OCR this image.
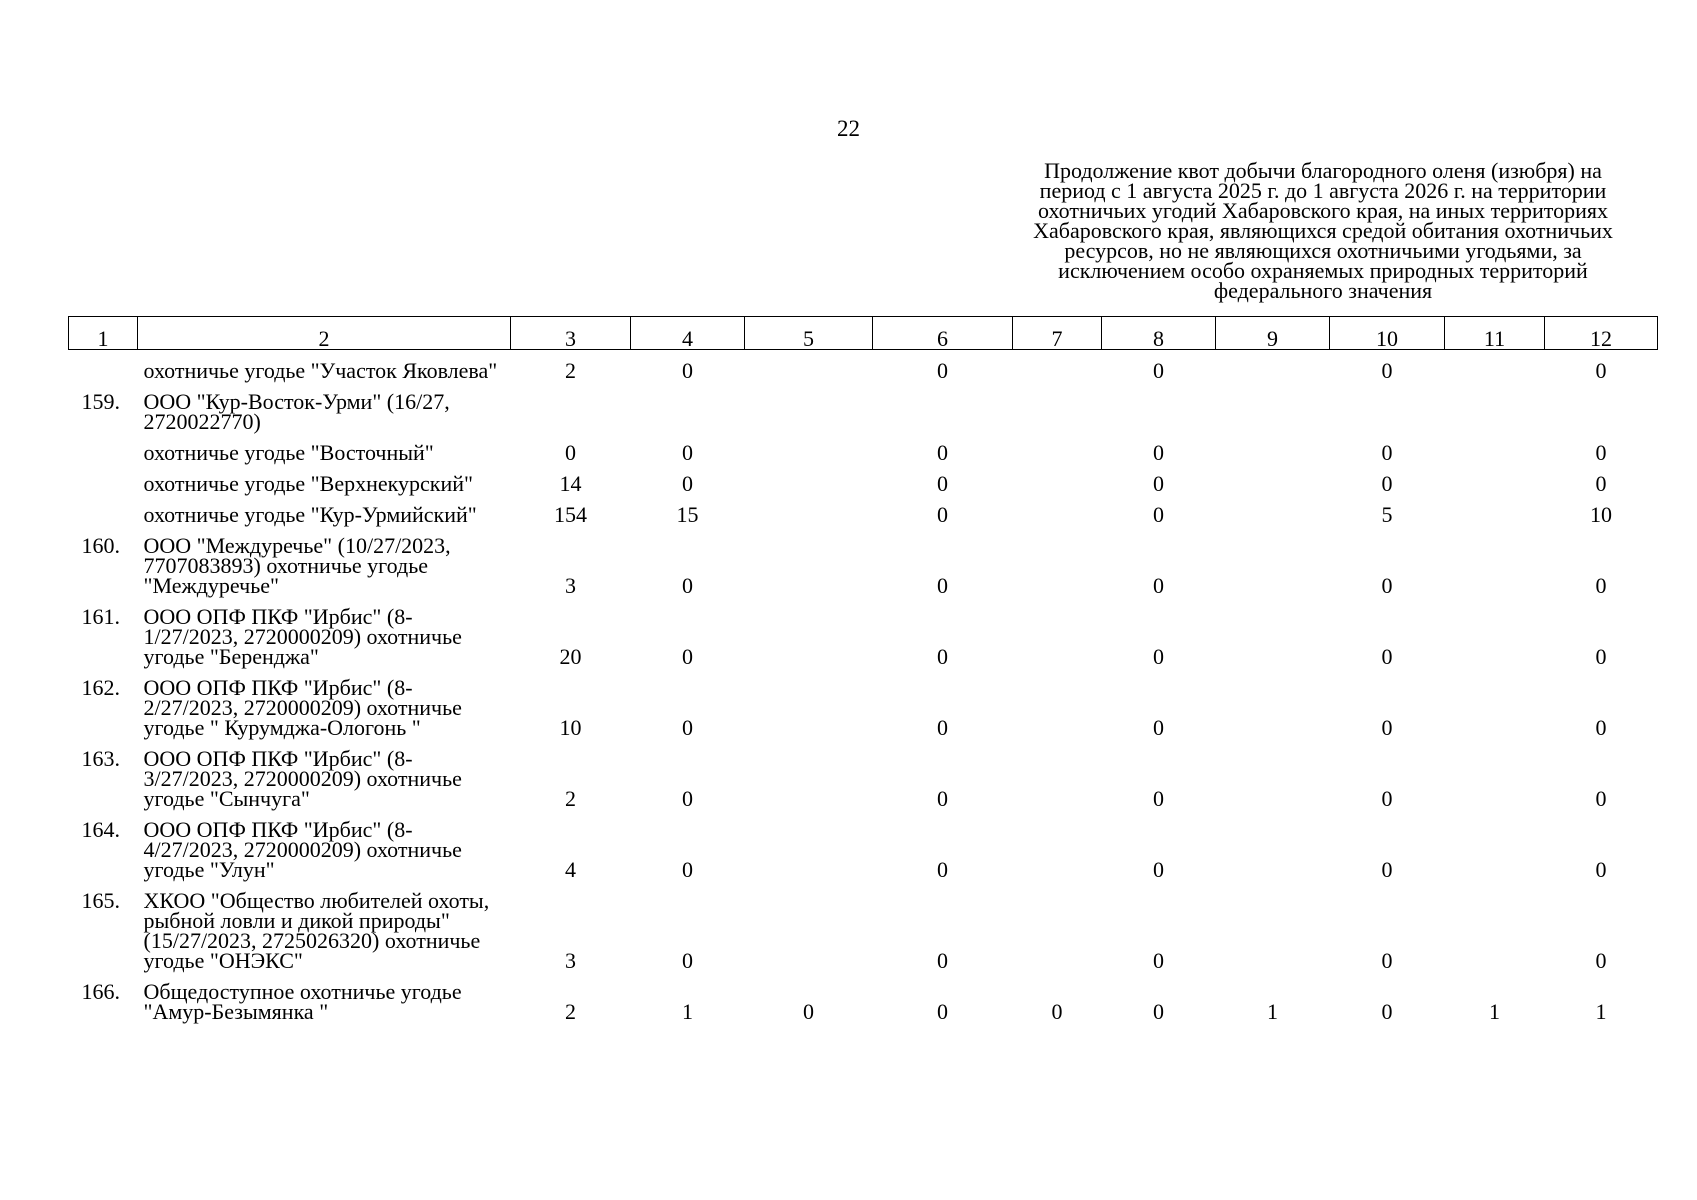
22
Продолжение квот добычи благородного оленя (изюбря) на период с 1 августа 2025 г. до 1 августа 2026 г. на территории охотничьих угодий Хабаровского края, на иных территориях Хабаровского края, являющихся средой обитания охотничьих ресурсов, но не являющихся охотничьими угодьями, за исключением особо охраняемых природных территорий федерального значения
1	2	3	4	5	6	7	8	9	10	11	12
	охотничье угодье "Участок Яковлева"	2	0		0		0		0		0
159.	ООО "Кур-Восток-Урми" (16/27, 2720022770)										
	охотничье угодье "Восточный"	0	0		0		0		0		0
	охотничье угодье "Верхнекурский"	14	0		0		0		0		0
	охотничье угодье "Кур-Урмийский"	154	15		0		0		5		10
160.	ООО "Междуречье" (10/27/2023, 7707083893) охотничье угодье "Междуречье"	3	0		0		0		0		0
161.	ООО ОПФ ПКФ "Ирбис" (8-1/27/2023, 2720000209) охотничье угодье "Беренджа"	20	0		0		0		0		0
162.	ООО ОПФ ПКФ "Ирбис" (8-2/27/2023, 2720000209) охотничье угодье " Курумджа-Ологонь "	10	0		0		0		0		0
163.	ООО ОПФ ПКФ "Ирбис" (8-3/27/2023, 2720000209) охотничье угодье "Сынчуга"	2	0		0		0		0		0
164.	ООО ОПФ ПКФ "Ирбис" (8-4/27/2023, 2720000209) охотничье угодье "Улун"	4	0		0		0		0		0
165.	ХКОО "Общество любителей охоты, рыбной ловли и дикой природы" (15/27/2023, 2725026320) охотничье угодье "ОНЭКС"	3	0		0		0		0		0
166.	Общедоступное охотничье угодье "Амур-Безымянка "	2	1	0	0	0	0	1	0	1	1
